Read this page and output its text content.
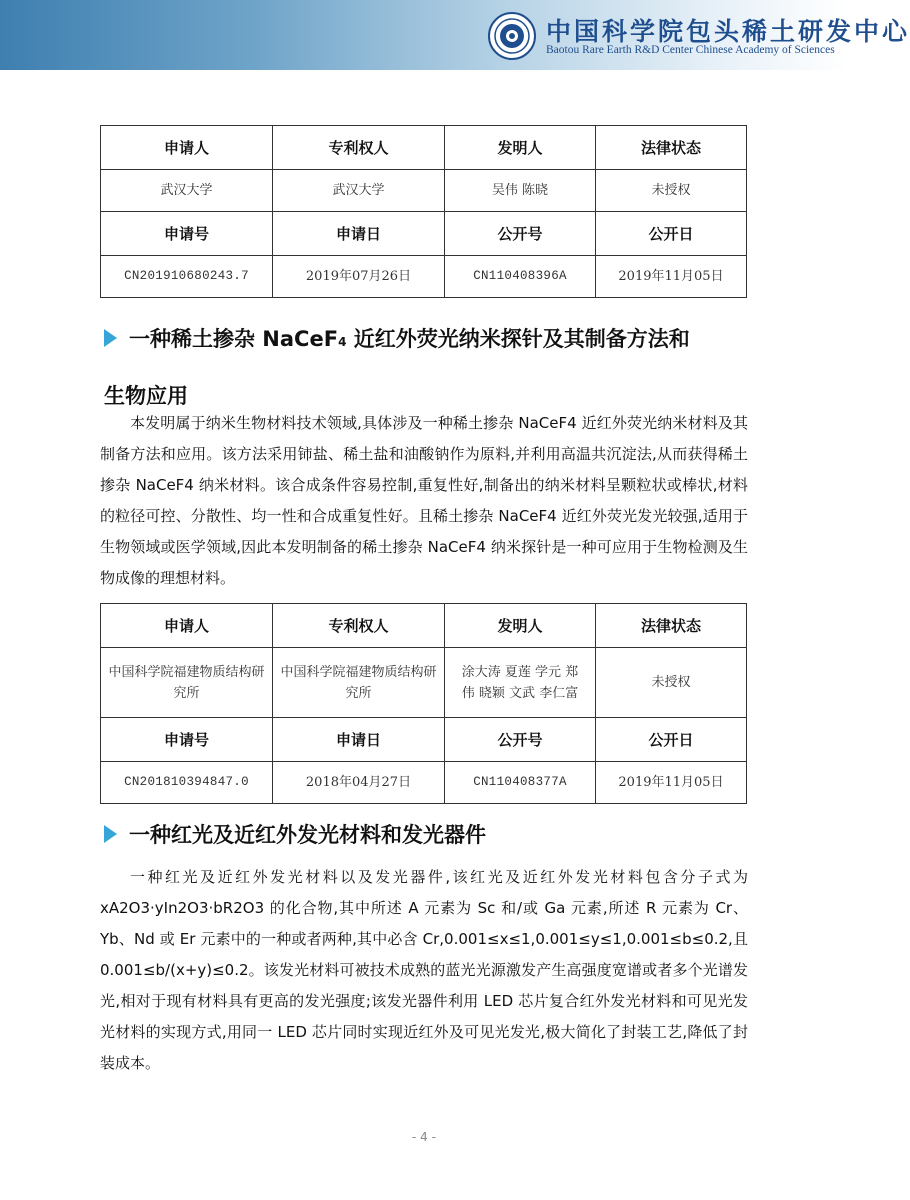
中国科学院包头稀土研发中心
Baotou Rare Earth R&D Center Chinese Academy of Sciences
申请人	专利权人	发明人	法律状态
武汉大学	武汉大学	吴伟 陈晓	未授权
申请号	申请日	公开号	公开日
CN201910680243.7	2019年07月26日	CN110408396A	2019年11月05日
一种稀土掺杂 NaCeF4 近红外荧光纳米探针及其制备方法和
生物应用
本发明属于纳米生物材料技术领域,具体涉及一种稀土掺杂 NaCeF4 近红外荧光纳米材料及其制备方法和应用。该方法采用铈盐、稀土盐和油酸钠作为原料,并利用高温共沉淀法,从而获得稀土掺杂 NaCeF4 纳米材料。该合成条件容易控制,重复性好,制备出的纳米材料呈颗粒状或棒状,材料的粒径可控、分散性、均一性和合成重复性好。且稀土掺杂 NaCeF4 近红外荧光发光较强,适用于生物领域或医学领域,因此本发明制备的稀土掺杂 NaCeF4 纳米探针是一种可应用于生物检测及生物成像的理想材料。
申请人	专利权人	发明人	法律状态
中国科学院福建物质结构研究所	中国科学院福建物质结构研究所	涂大涛 夏莲 学元 郑伟 晓颖 文武 李仁富	未授权
申请号	申请日	公开号	公开日
CN201810394847.0	2018年04月27日	CN110408377A	2019年11月05日
一种红光及近红外发光材料和发光器件
一种红光及近红外发光材料以及发光器件,该红光及近红外发光材料包含分子式为 xA2O3·yIn2O3·bR2O3 的化合物,其中所述 A 元素为 Sc 和/或 Ga 元素,所述 R 元素为 Cr、Yb、Nd 或 Er 元素中的一种或者两种,其中必含 Cr,0.001≤x≤1,0.001≤y≤1,0.001≤b≤0.2,且 0.001≤b/(x+y)≤0.2。该发光材料可被技术成熟的蓝光光源激发产生高强度宽谱或者多个光谱发光,相对于现有材料具有更高的发光强度;该发光器件利用 LED 芯片复合红外发光材料和可见光发光材料的实现方式,用同一 LED 芯片同时实现近红外及可见光发光,极大简化了封装工艺,降低了封装成本。
- 4 -
